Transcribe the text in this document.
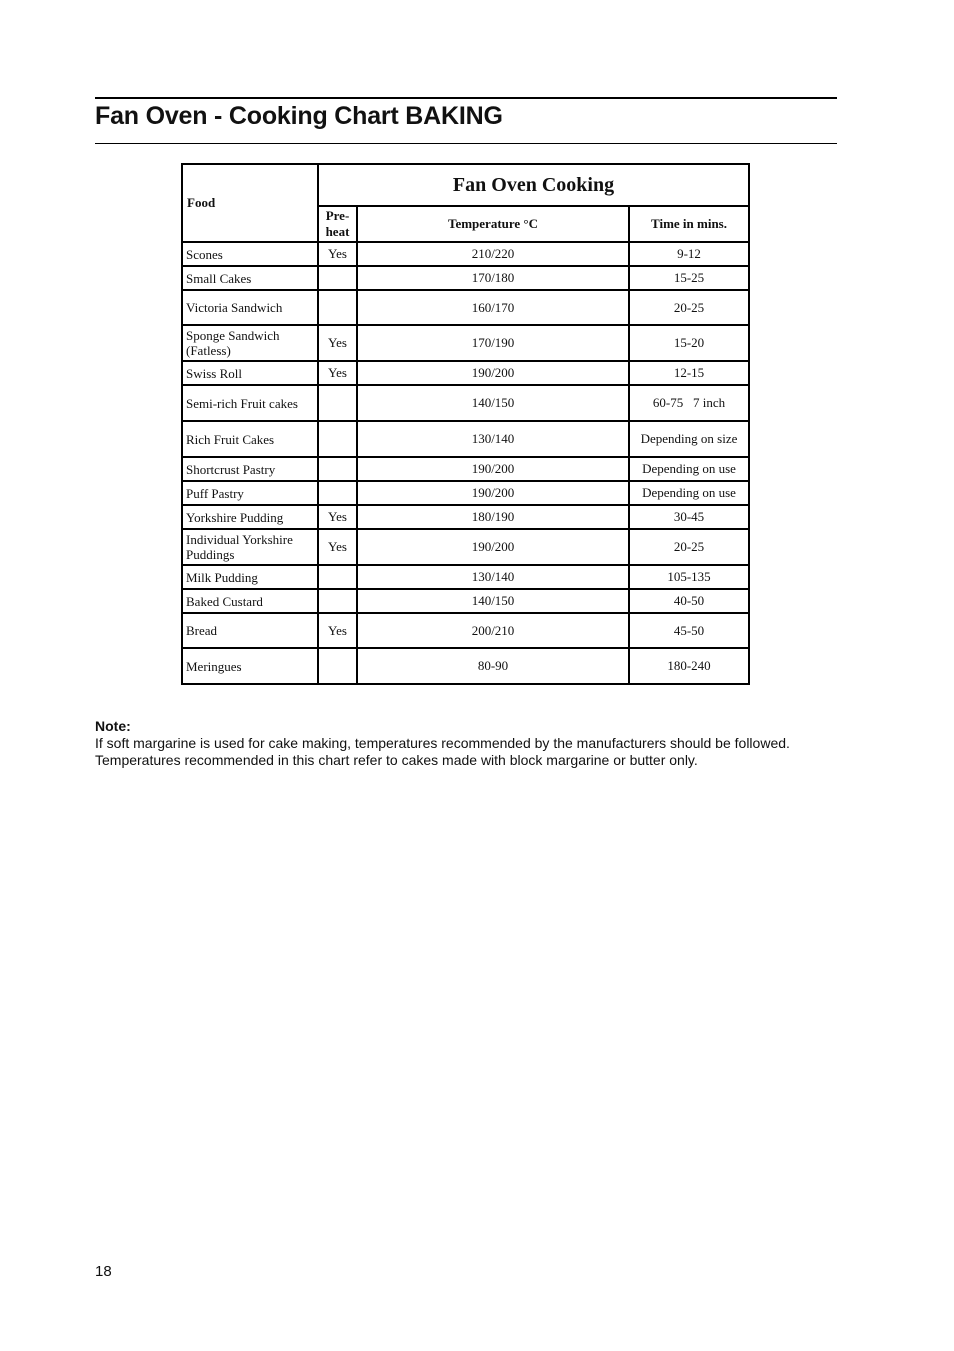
Fan Oven - Cooking Chart BAKING
Food	Fan Oven Cooking		
	Pre- heat	Temperature °C	Time in mins.
Scones	Yes	210/220	9-12
Small Cakes		170/180	15-25
Victoria Sandwich		160/170	20-25
Sponge Sandwich (Fatless)	Yes	170/190	15-20
Swiss Roll	Yes	190/200	12-15
Semi-rich Fruit cakes		140/150	60-75   7 inch
Rich Fruit Cakes		130/140	Depending on size
Shortcrust Pastry		190/200	Depending on use
Puff Pastry		190/200	Depending on use
Yorkshire Pudding	Yes	180/190	30-45
Individual Yorkshire Puddings	Yes	190/200	20-25
Milk Pudding		130/140	105-135
Baked Custard		140/150	40-50
Bread	Yes	200/210	45-50
Meringues		80-90	180-240
Note:
If soft margarine is used for cake making, temperatures recommended by the manufacturers should be followed.
Temperatures recommended in this chart refer to cakes made with block margarine or butter only.
18
